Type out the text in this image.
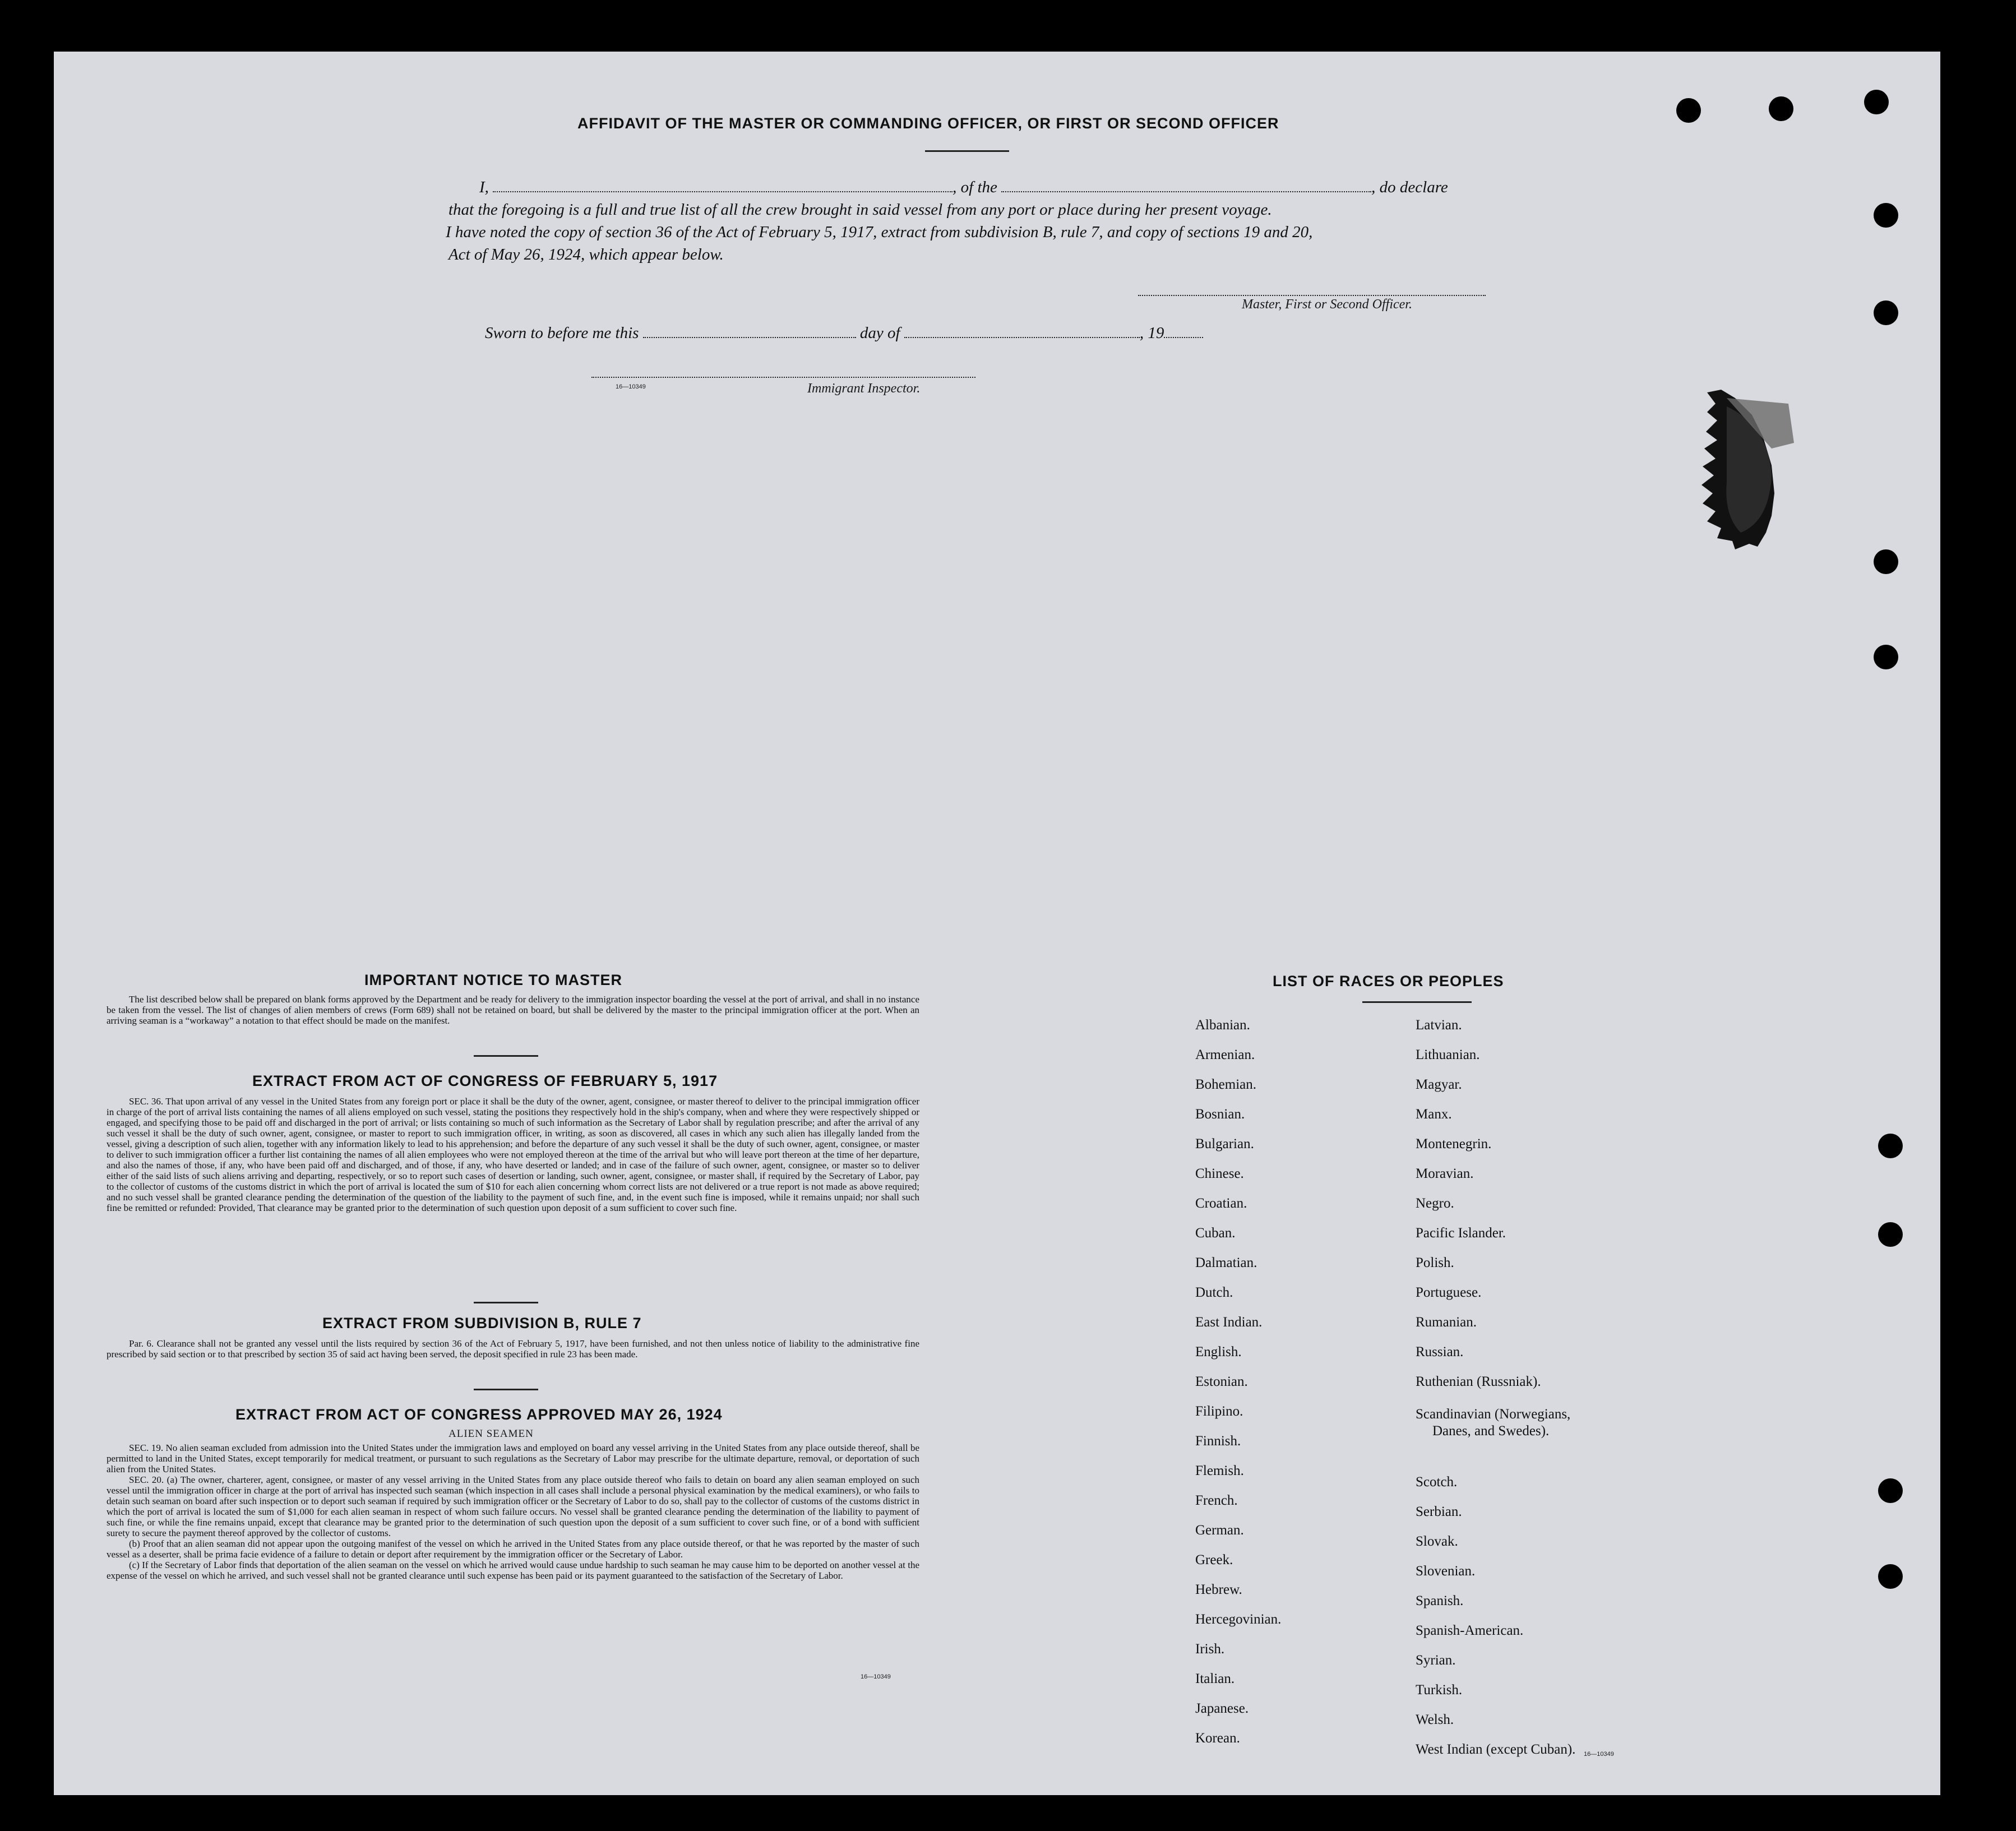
AFFIDAVIT OF THE MASTER OR COMMANDING OFFICER, OR FIRST OR SECOND OFFICER
I,	, of the	, do declare
that the foregoing is a full and true list of all the crew brought in said vessel from any port or place during her present voyage.
I have noted the copy of section 36 of the Act of February 5, 1917, extract from subdivision B, rule 7, and copy of sections 19 and 20,
Act of May 26, 1924, which appear below.
Master, First or Second Officer.
Sworn to before me this	day of	, 19
16—10349	Immigrant Inspector.
IMPORTANT NOTICE TO MASTER
The list described below shall be prepared on blank forms approved by the Department and be ready for delivery to the immigration inspector boarding the vessel at the port of arrival, and shall in no instance be taken from the vessel. The list of changes of alien members of crews (Form 689) shall not be retained on board, but shall be delivered by the master to the principal immigration officer at the port. When an arriving seaman is a “workaway” a notation to that effect should be made on the manifest.
EXTRACT FROM ACT OF CONGRESS OF FEBRUARY 5, 1917
SEC. 36. That upon arrival of any vessel in the United States from any foreign port or place it shall be the duty of the owner, agent, consignee, or master thereof to deliver to the principal immigration officer in charge of the port of arrival lists containing the names of all aliens employed on such vessel, stating the positions they respectively hold in the ship's company, when and where they were respectively shipped or engaged, and specifying those to be paid off and discharged in the port of arrival; or lists containing so much of such information as the Secretary of Labor shall by regulation prescribe; and after the arrival of any such vessel it shall be the duty of such owner, agent, consignee, or master to report to such immigration officer, in writing, as soon as discovered, all cases in which any such alien has illegally landed from the vessel, giving a description of such alien, together with any information likely to lead to his apprehension; and before the departure of any such vessel it shall be the duty of such owner, agent, consignee, or master to deliver to such immigration officer a further list containing the names of all alien employees who were not employed thereon at the time of the arrival but who will leave port thereon at the time of her departure, and also the names of those, if any, who have been paid off and discharged, and of those, if any, who have deserted or landed; and in case of the failure of such owner, agent, consignee, or master so to deliver either of the said lists of such aliens arriving and departing, respectively, or so to report such cases of desertion or landing, such owner, agent, consignee, or master shall, if required by the Secretary of Labor, pay to the collector of customs of the customs district in which the port of arrival is located the sum of $10 for each alien concerning whom correct lists are not delivered or a true report is not made as above required; and no such vessel shall be granted clearance pending the determination of the question of the liability to the payment of such fine, and, in the event such fine is imposed, while it remains unpaid; nor shall such fine be remitted or refunded: Provided, That clearance may be granted prior to the determination of such question upon deposit of a sum sufficient to cover such fine.
EXTRACT FROM SUBDIVISION B, RULE 7
Par. 6. Clearance shall not be granted any vessel until the lists required by section 36 of the Act of February 5, 1917, have been furnished, and not then unless notice of liability to the administrative fine prescribed by said section or to that prescribed by section 35 of said act having been served, the deposit specified in rule 23 has been made.
EXTRACT FROM ACT OF CONGRESS APPROVED MAY 26, 1924
ALIEN SEAMEN
SEC. 19. No alien seaman excluded from admission into the United States under the immigration laws and employed on board any vessel arriving in the United States from any place outside thereof, shall be permitted to land in the United States, except temporarily for medical treatment, or pursuant to such regulations as the Secretary of Labor may prescribe for the ultimate departure, removal, or deportation of such alien from the United States.
SEC. 20. (a) The owner, charterer, agent, consignee, or master of any vessel arriving in the United States from any place outside thereof who fails to detain on board any alien seaman employed on such vessel until the immigration officer in charge at the port of arrival has inspected such seaman (which inspection in all cases shall include a personal physical examination by the medical examiners), or who fails to detain such seaman on board after such inspection or to deport such seaman if required by such immigration officer or the Secretary of Labor to do so, shall pay to the collector of customs of the customs district in which the port of arrival is located the sum of $1,000 for each alien seaman in respect of whom such failure occurs. No vessel shall be granted clearance pending the determination of the liability to payment of such fine, or while the fine remains unpaid, except that clearance may be granted prior to the determination of such question upon the deposit of a sum sufficient to cover such fine, or of a bond with sufficient surety to secure the payment thereof approved by the collector of customs.
(b) Proof that an alien seaman did not appear upon the outgoing manifest of the vessel on which he arrived in the United States from any place outside thereof, or that he was reported by the master of such vessel as a deserter, shall be prima facie evidence of a failure to detain or deport after requirement by the immigration officer or the Secretary of Labor.
(c) If the Secretary of Labor finds that deportation of the alien seaman on the vessel on which he arrived would cause undue hardship to such seaman he may cause him to be deported on another vessel at the expense of the vessel on which he arrived, and such vessel shall not be granted clearance until such expense has been paid or its payment guaranteed to the satisfaction of the Secretary of Labor.
16—10349
LIST OF RACES OR PEOPLES
Albanian.
Armenian.
Bohemian.
Bosnian.
Bulgarian.
Chinese.
Croatian.
Cuban.
Dalmatian.
Dutch.
East Indian.
English.
Estonian.
Filipino.
Finnish.
Flemish.
French.
German.
Greek.
Hebrew.
Hercegovinian.
Irish.
Italian.
Japanese.
Korean.
Latvian.
Lithuanian.
Magyar.
Manx.
Montenegrin.
Moravian.
Negro.
Pacific Islander.
Polish.
Portuguese.
Rumanian.
Russian.
Ruthenian (Russniak).
Scandinavian (Norwegians,
Danes, and Swedes).
Scotch.
Serbian.
Slovak.
Slovenian.
Spanish.
Spanish-American.
Syrian.
Turkish.
Welsh.
West Indian (except Cuban). 16—10349
